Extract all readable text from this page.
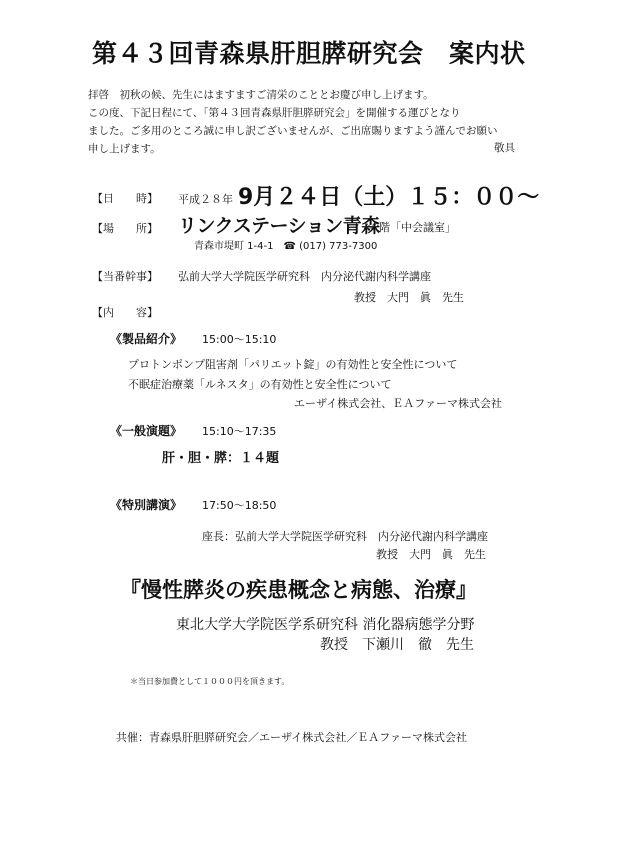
第４３回青森県肝胆膵研究会　案内状
拝啓　初秋の候、先生にはますますご清栄のこととお慶び申し上げます。
この度、下記日程にて、「第４３回青森県肝胆膵研究会」を開催する運びとなり
ました。ご多用のところ誠に申し訳ございませんが、ご出席賜りますよう謹んでお願い
申し上げます。	敬具
【日　　時】 平成２８年 9月２４日（土）１５：００～
【場　　所】 リンクステーション青森
４階「中会議室」
青森市堤町 1-4-1　☎ (017) 773-7300
【当番幹事】 弘前大学大学院医学研究科　内分泌代謝内科学講座
教授　大門　眞　先生
【内　　容】
《製品紹介》 15:00～15:10
プロトンポンプ阻害剤「パリエット錠」の有効性と安全性について
不眠症治療薬「ルネスタ」の有効性と安全性について
エーザイ株式会社、ＥＡファーマ株式会社
《一般演題》 15:10～17:35
肝・胆・膵：１４題
《特別講演》 17:50～18:50
座長：弘前大学大学院医学研究科　内分泌代謝内科学講座
教授　大門　眞　先生
『慢性膵炎の疾患概念と病態、治療』
東北大学大学院医学系研究科 消化器病態学分野
教授　下瀬川　徹　先生
＊当日参加費として１０００円を頂きます。
共催：青森県肝胆膵研究会／エーザイ株式会社／ＥＡファーマ株式会社
